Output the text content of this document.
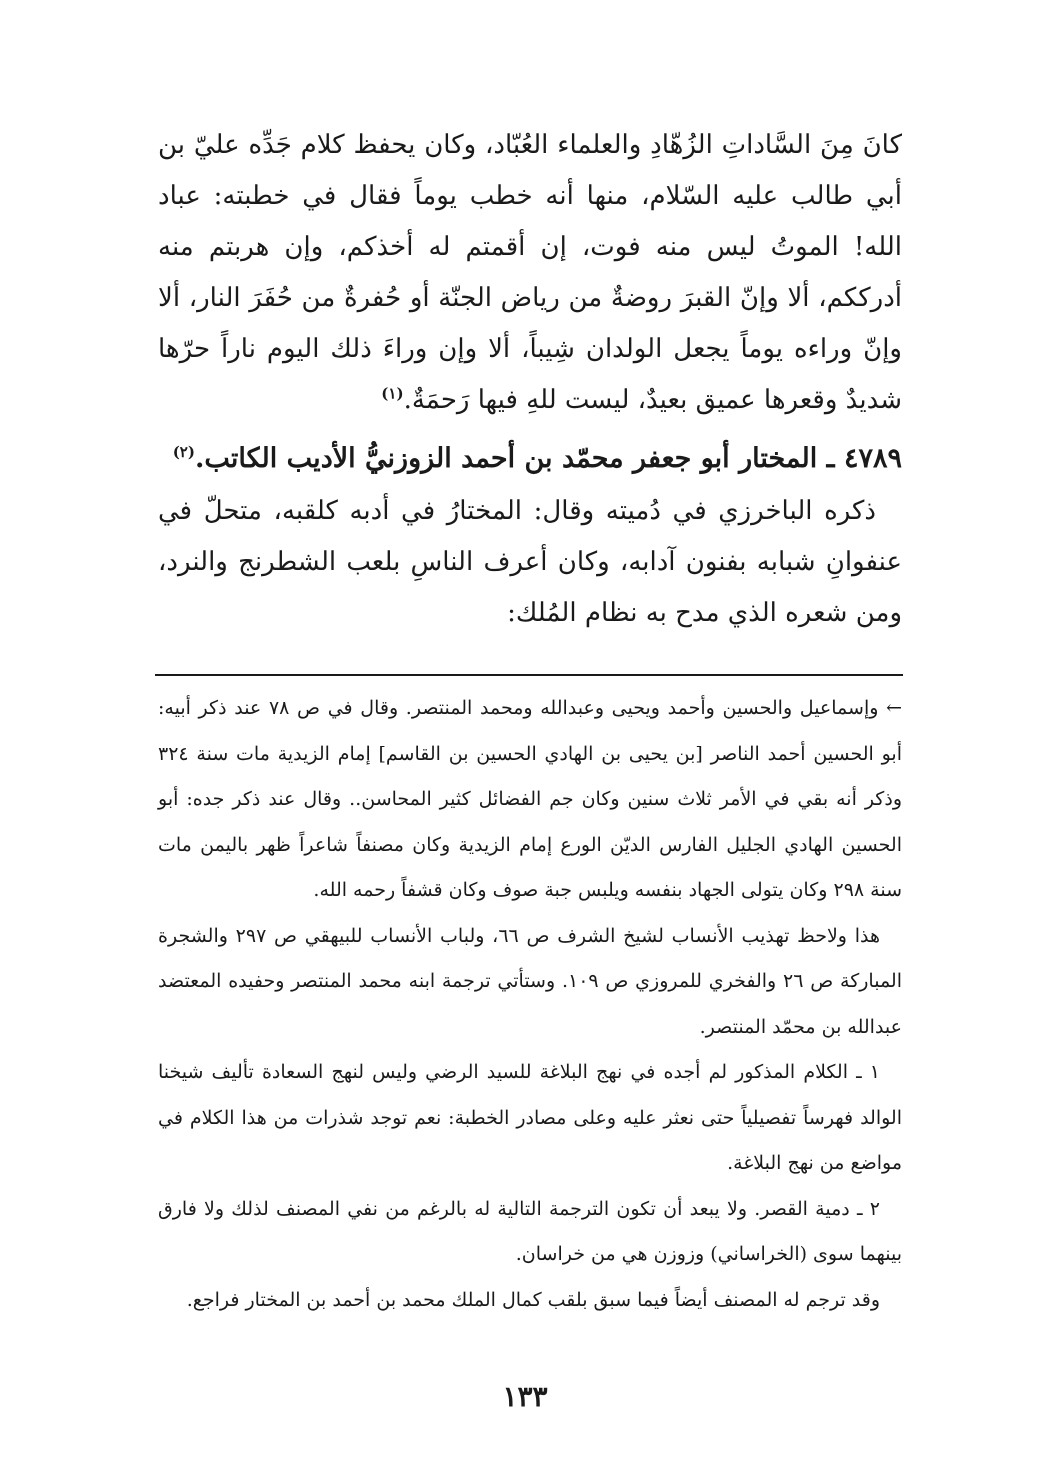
كانَ مِنَ السَّاداتِ الزُهّادِ والعلماء العُبّاد، وكان يحفظ كلام جَدِّه عليّ بن أبي طالب عليه السّلام، منها أنه خطب يوماً فقال في خطبته: عباد الله! الموتُ ليس منه فوت، إن أقمتم له أخذكم، وإن هربتم منه أدرككم، ألا وإنّ القبرَ روضةٌ من رياض الجنّة أو حُفرةٌ من حُفَرَ النار، ألا وإنّ وراءه يوماً يجعل الولدان شِيباً، ألا وإن وراءَ ذلك اليوم ناراً حرّها شديدٌ وقعرها عميق بعيدٌ، ليست للهِ فيها رَحمَةٌ.$^{(١)}$

٤٧٨٩ ـ المختار أبو جعفر محمّد بن أحمد الزوزنيُّ الأديب الكاتب.$^{(٢)}$

ذكره الباخرزي في دُميته وقال: المختارُ في أدبه كلقبه، متحلّ في عنفوانِ شبابه بفنون آدابه، وكان أعرف الناسِ بلعب الشطرنج والنرد، ومن شعره الذي مدح به نظام المُلك:

← وإسماعيل والحسين وأحمد ويحيى وعبدالله ومحمد المنتصر. وقال في ص ٧٨ عند ذكر أبيه: أبو الحسين أحمد الناصر [بن يحيى بن الهادي الحسين بن القاسم] إمام الزيدية مات سنة ٣٢٤ وذكر أنه بقي في الأمر ثلاث سنين وكان جم الفضائل كثير المحاسن.. وقال عند ذكر جده: أبو الحسين الهادي الجليل الفارس الديّن الورع إمام الزيدية وكان مصنفاً شاعراً ظهر باليمن مات سنة ٢٩٨ وكان يتولى الجهاد بنفسه ويلبس جبة صوف وكان قشفاً رحمه الله.

هذا ولاحظ تهذيب الأنساب لشيخ الشرف ص ٦٦، ولباب الأنساب للبيهقي ص ٢٩٧ والشجرة المباركة ص ٢٦ والفخري للمروزي ص ١٠٩. وستأتي ترجمة ابنه محمد المنتصر وحفيده المعتضد عبدالله بن محمّد المنتصر.

١ ـ الكلام المذكور لم أجده في نهج البلاغة للسيد الرضي وليس لنهج السعادة تأليف شيخنا الوالد فهرساً تفصيلياً حتى نعثر عليه وعلى مصادر الخطبة: نعم توجد شذرات من هذا الكلام في مواضع من نهج البلاغة.

٢ ـ دمية القصر. ولا يبعد أن تكون الترجمة التالية له بالرغم من نفي المصنف لذلك ولا فارق بينهما سوى (الخراساني) وزوزن هي من خراسان.

وقد ترجم له المصنف أيضاً فيما سبق بلقب كمال الملك محمد بن أحمد بن المختار فراجع.

١٣٣
